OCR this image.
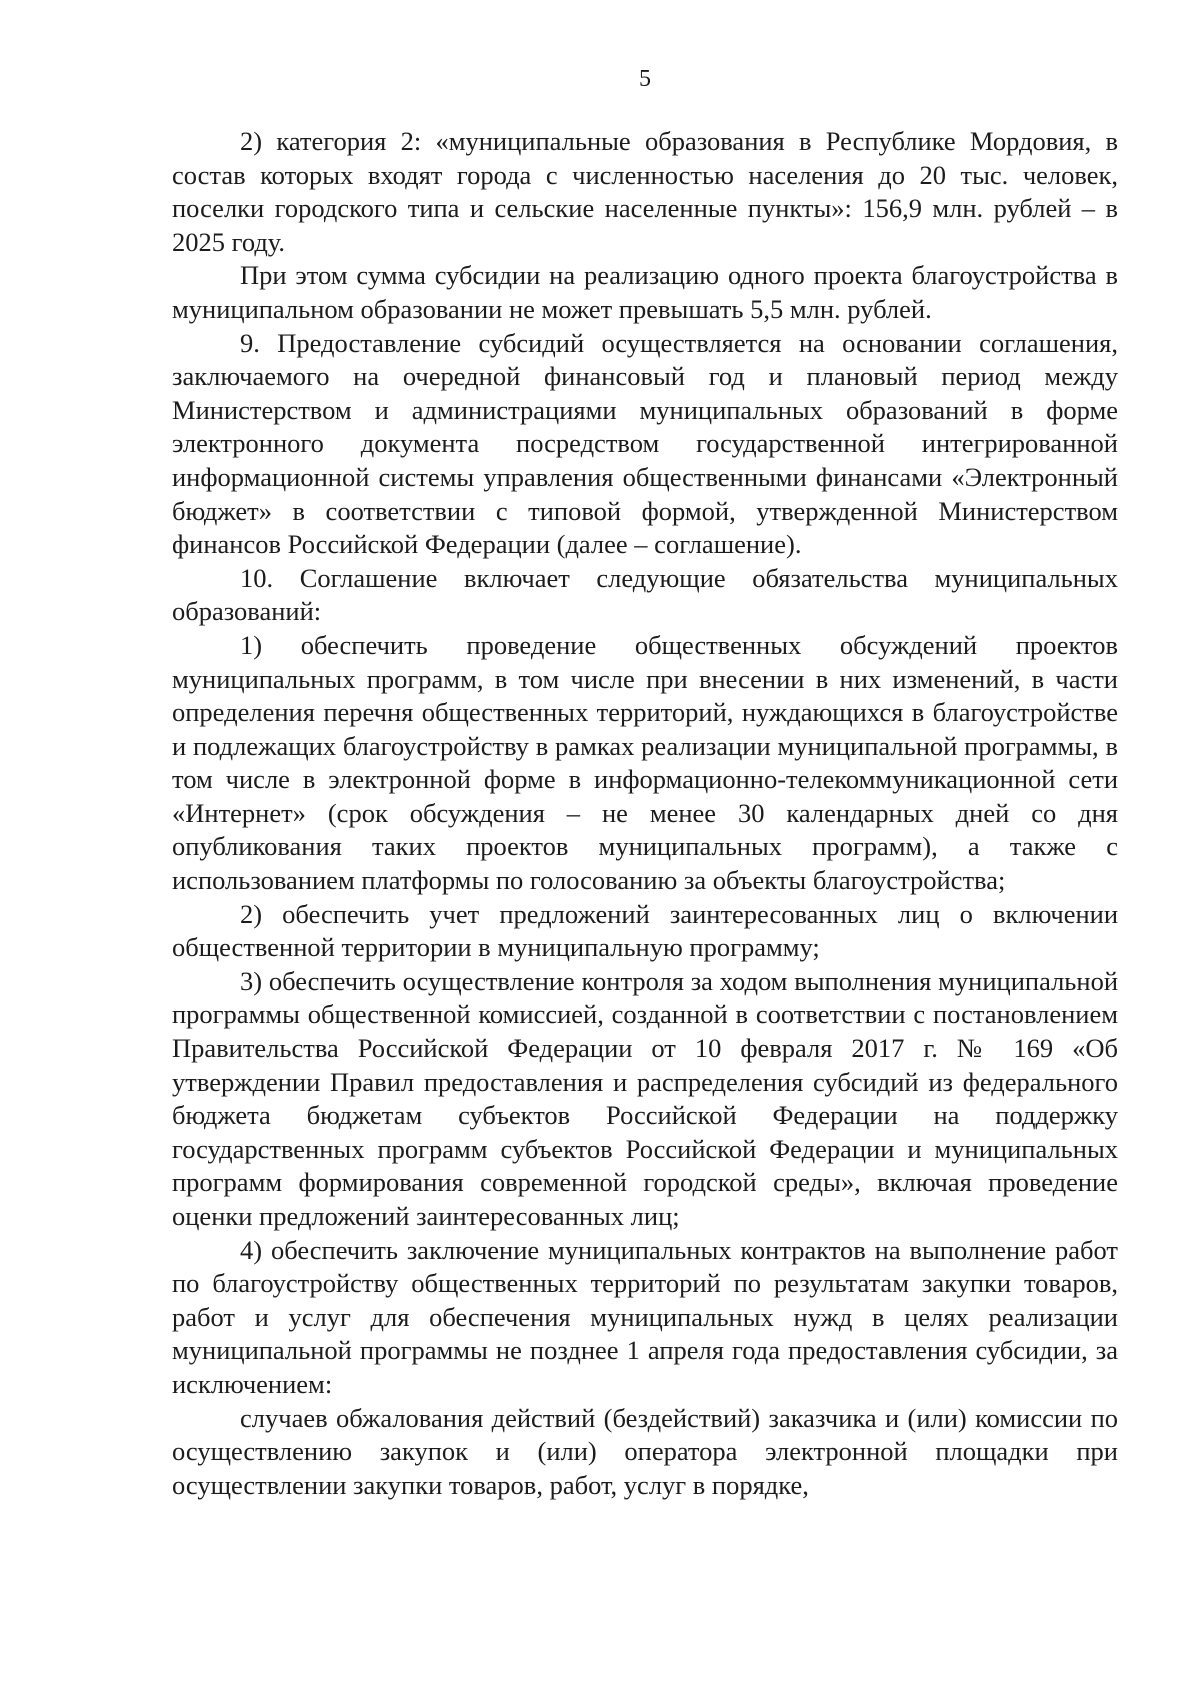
5

2) категория 2: «муниципальные образования в Республике Мордовия, в состав которых входят города с численностью населения до 20 тыс. человек, поселки городского типа и сельские населенные пункты»: 156,9 млн. рублей – в 2025 году.

При этом сумма субсидии на реализацию одного проекта благоустройства в муниципальном образовании не может превышать 5,5 млн. рублей.

9. Предоставление субсидий осуществляется на основании соглашения, заключаемого на очередной финансовый год и плановый период между Министерством и администрациями муниципальных образований в форме электронного документа посредством государственной интегрированной информационной системы управления общественными финансами «Электронный бюджет» в соответствии с типовой формой, утвержденной Министерством финансов Российской Федерации (далее – соглашение).

10. Соглашение включает следующие обязательства муниципальных образований:

1) обеспечить проведение общественных обсуждений проектов муниципальных программ, в том числе при внесении в них изменений, в части определения перечня общественных территорий, нуждающихся в благоустройстве и подлежащих благоустройству в рамках реализации муниципальной программы, в том числе в электронной форме в информационно-телекоммуникационной сети «Интернет» (срок обсуждения – не менее 30 календарных дней со дня опубликования таких проектов муниципальных программ), а также с использованием платформы по голосованию за объекты благоустройства;

2) обеспечить учет предложений заинтересованных лиц о включении общественной территории в муниципальную программу;

3) обеспечить осуществление контроля за ходом выполнения муниципальной программы общественной комиссией, созданной в соответствии с постановлением Правительства Российской Федерации от 10 февраля 2017 г. № 169 «Об утверждении Правил предоставления и распределения субсидий из федерального бюджета бюджетам субъектов Российской Федерации на поддержку государственных программ субъектов Российской Федерации и муниципальных программ формирования современной городской среды», включая проведение оценки предложений заинтересованных лиц;

4) обеспечить заключение муниципальных контрактов на выполнение работ по благоустройству общественных территорий по результатам закупки товаров, работ и услуг для обеспечения муниципальных нужд в целях реализации муниципальной программы не позднее 1 апреля года предоставления субсидии, за исключением:

случаев обжалования действий (бездействий) заказчика и (или) комиссии по осуществлению закупок и (или) оператора электронной площадки при осуществлении закупки товаров, работ, услуг в порядке,
